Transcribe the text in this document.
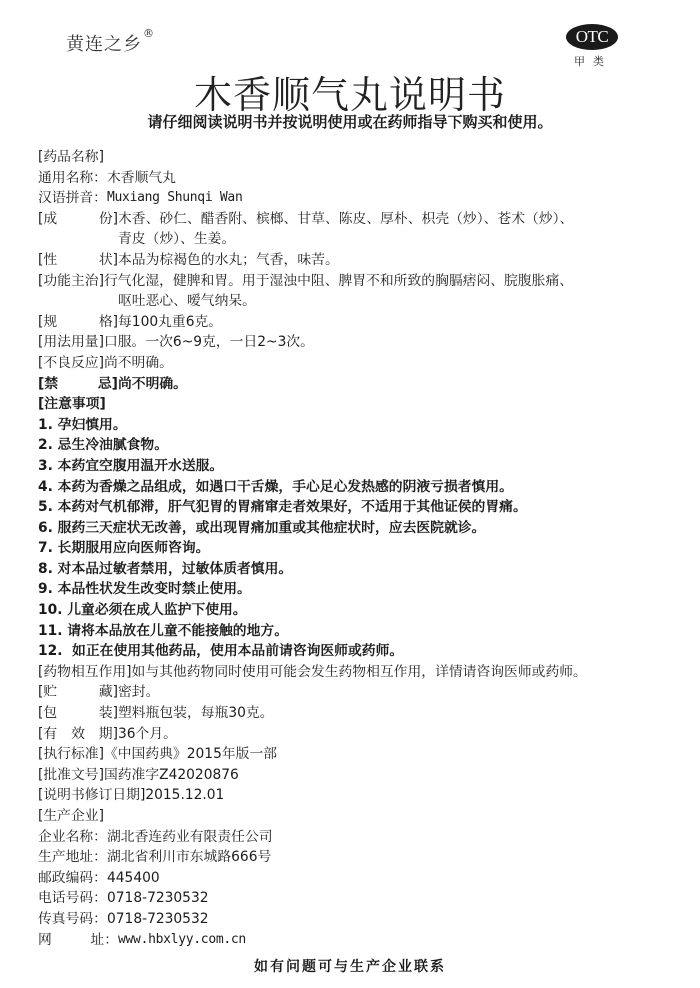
黄连之乡®	OTC
甲类
木香顺气丸说明书
请仔细阅读说明书并按说明使用或在药师指导下购买和使用。
[药品名称]
通用名称： 木香顺气丸
汉语拼音： Muxiang Shunqi Wan
[成	份] 木香、砂仁、醋香附、槟榔、甘草、陈皮、厚朴、枳壳（炒）、苍术（炒）、
青皮（炒）、生姜。
[性	状] 本品为棕褐色的水丸；气香，味苦。
[功能主治] 行气化湿，健脾和胃。用于湿浊中阻、脾胃不和所致的胸膈痞闷、脘腹胀痛、
呕吐恶心、嗳气纳呆。
[规	格] 每100丸重6克。
[用法用量] 口服。一次6~9克，一日2~3次。
[不良反应] 尚不明确。
[禁	忌] 尚不明确。
[注意事项]
1. 孕妇慎用。
2. 忌生冷油腻食物。
3. 本药宜空腹用温开水送服。
4. 本药为香燥之品组成，如遇口干舌燥，手心足心发热感的阴液亏损者慎用。
5. 本药对气机郁滞，肝气犯胃的胃痛窜走者效果好，不适用于其他证侯的胃痛。
6. 服药三天症状无改善，或出现胃痛加重或其他症状时，应去医院就诊。
7. 长期服用应向医师咨询。
8. 对本品过敏者禁用，过敏体质者慎用。
9. 本品性状发生改变时禁止使用。
10. 儿童必须在成人监护下使用。
11. 请将本品放在儿童不能接触的地方。
12.  如正在使用其他药品，使用本品前请咨询医师或药师。
[药物相互作用] 如与其他药物同时使用可能会发生药物相互作用，详情请咨询医师或药师。
[贮	藏] 密封。
[包	装] 塑料瓶包装，每瓶30克。
[有 效 期] 36个月。
[执行标准] 《中国药典》2015年版一部
[批准文号] 国药准字Z42020876
[说明书修订日期] 2015.12.01
[生产企业]
企业名称： 湖北香连药业有限责任公司
生产地址： 湖北省利川市东城路666号
邮政编码： 445400
电话号码： 0718-7230532
传真号码： 0718-7230532
网	址： www.hbxlyy.com.cn
如有问题可与生产企业联系
